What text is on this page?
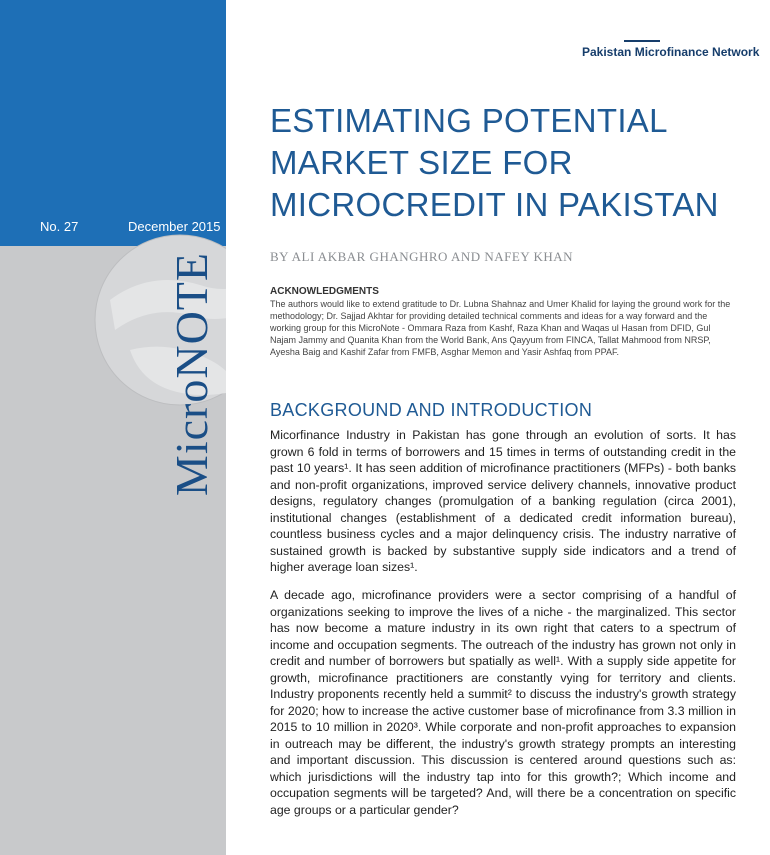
No. 27	December 2015
MicroNOTE
Pakistan Microfinance Network
ESTIMATING POTENTIAL MARKET SIZE FOR MICROCREDIT IN PAKISTAN
BY ALI AKBAR GHANGHRO AND NAFEY KHAN
ACKNOWLEDGMENTS
The authors would like to extend gratitude to Dr. Lubna Shahnaz and Umer Khalid for laying the ground work for the methodology; Dr. Sajjad Akhtar for providing detailed technical comments and ideas for a way forward and the working group for this MicroNote - Ommara Raza from Kashf, Raza Khan and Waqas ul Hasan from DFID, Gul Najam Jammy and Quanita Khan from the World Bank, Ans Qayyum from FINCA, Tallat Mahmood from NRSP, Ayesha Baig and Kashif Zafar from FMFB, Asghar Memon and Yasir Ashfaq from PPAF.
BACKGROUND AND INTRODUCTION
Micorfinance Industry in Pakistan has gone through an evolution of sorts. It has grown 6 fold in terms of borrowers and 15 times in terms of outstanding credit in the past 10 years¹. It has seen addition of microfinance practitioners (MFPs) - both banks and non-profit organizations, improved service delivery channels, innovative product designs, regulatory changes (promulgation of a banking regulation (circa 2001), institutional changes (establishment of a dedicated credit information bureau), countless business cycles and a major delinquency crisis. The industry narrative of sustained growth is backed by substantive supply side indicators and a trend of higher average loan sizes¹.
A decade ago, microfinance providers were a sector comprising of a handful of organizations seeking to improve the lives of a niche - the marginalized. This sector has now become a mature industry in its own right that caters to a spectrum of income and occupation segments. The outreach of the industry has grown not only in credit and number of borrowers but spatially as well¹. With a supply side appetite for growth, microfinance practitioners are constantly vying for territory and clients. Industry proponents recently held a summit² to discuss the industry's growth strategy for 2020; how to increase the active customer base of microfinance from 3.3 million in 2015 to 10 million in 2020³. While corporate and non-profit approaches to expansion in outreach may be different, the industry's growth strategy prompts an interesting and important discussion. This discussion is centered around questions such as: which jurisdictions will the industry tap into for this growth?; Which income and occupation segments will be targeted? And, will there be a concentration on specific age groups or a particular gender?
